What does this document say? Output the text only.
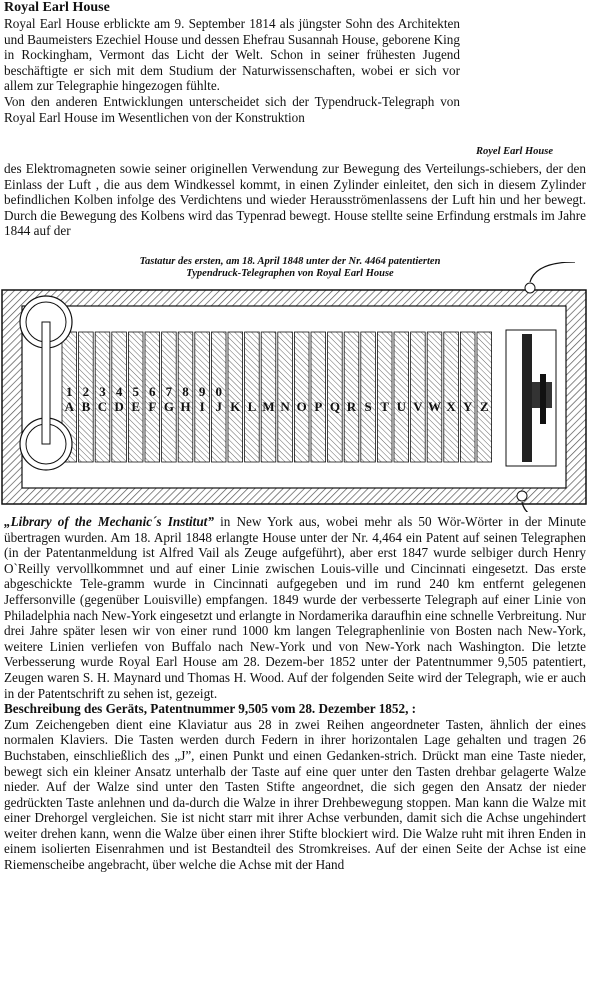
Royal Earl House

Royal Earl House erblickte am 9. September 1814 als jüngster Sohn des Architekten und Baumeisters Ezechiel House und dessen Ehefrau Susannah House, geborene King in Rockingham, Vermont das Licht der Welt. Schon in seiner frühesten Jugend beschäftigte er sich mit dem Studium der Naturwissenschaften, wobei er sich vor allem zur Telegraphie hingezogen fühlte.
Von den anderen Entwicklungen unterscheidet sich der Typendruck-Telegraph von Royal Earl House im Wesentlichen von der Konstruktion

Royel Earl House

des Elektromagneten sowie seiner originellen Verwendung zur Bewegung des Verteilungs-schiebers, der den Einlass der Luft , die aus dem Windkessel kommt, in einen Zylinder einleitet, den sich in diesem Zylinder befindlichen Kolben infolge des Verdichtens und wieder Herausströmenlassens der Luft hin und her bewegt. Durch die Bewegung des Kolbens wird das Typenrad bewegt. House stellte seine Erfindung erstmals im Jahre 1844 auf der

Tastatur des ersten, am 18. April 1848 unter der Nr. 4464 patentierten
Typendruck-Telegraphen von Royal Earl House
1 2 3 4 5 6 7 8 9 0
A B C D E F G H I J K L M N O P Q R S T U V W X Y Z

„Library of the Mechanic´s Institut” in New York aus, wobei mehr als 50 Wör-Wörter in der Minute übertragen wurden. Am 18. April 1848 erlangte House unter der Nr. 4,464 ein Patent auf seinen Telegraphen (in der Patentanmeldung ist Alfred Vail als Zeuge aufgeführt), aber erst 1847 wurde selbiger durch Henry O`Reilly vervollkommnet und auf einer Linie zwischen Louis-ville und Cincinnati eingesetzt. Das erste abgeschickte Tele-gramm wurde in Cincinnati aufgegeben und im rund 240 km entfernt gelegenen Jeffersonville (gegenüber Louisville) empfangen. 1849 wurde der verbesserte Telegraph auf einer Linie von Philadelphia nach New-York eingesetzt und erlangte in Nordamerika daraufhin eine schnelle Verbreitung. Nur drei Jahre später lesen wir von einer rund 1000 km langen Telegraphenlinie von Bosten nach New-York, weitere Linien verliefen von Buffalo nach New-York und von New-York nach Washington. Die letzte Verbesserung wurde Royal Earl House am 28. Dezem-ber 1852 unter der Patentnummer 9,505 patentiert, Zeugen waren S. H. Maynard und Thomas H. Wood. Auf der folgenden Seite wird der Telegraph, wie er auch in der Patentschrift zu sehen ist, gezeigt.
Beschreibung des Geräts, Patentnummer 9,505 vom 28. Dezember 1852, :
Zum Zeichengeben dient eine Klaviatur aus 28 in zwei Reihen angeordneter Tasten, ähnlich der eines normalen Klaviers. Die Tasten werden durch Federn in ihrer horizontalen Lage gehalten und tragen 26 Buchstaben, einschließlich des „J”, einen Punkt und einen Gedanken-strich. Drückt man eine Taste nieder, bewegt sich ein kleiner Ansatz unterhalb der Taste auf eine quer unter den Tasten drehbar gelagerte Walze nieder. Auf der Walze sind unter den Tasten Stifte angeordnet, die sich gegen den Ansatz der nieder gedrückten Taste anlehnen und da-durch die Walze in ihrer Drehbewegung stoppen. Man kann die Walze mit einer Drehorgel vergleichen. Sie ist nicht starr mit ihrer Achse verbunden, damit sich die Achse ungehindert weiter drehen kann, wenn die Walze über einen ihrer Stifte blockiert wird. Die Walze ruht mit ihren Enden in einem isolierten Eisenrahmen und ist Bestandteil des Stromkreises. Auf der einen Seite der Achse ist eine Riemenscheibe angebracht, über welche die Achse mit der Hand
